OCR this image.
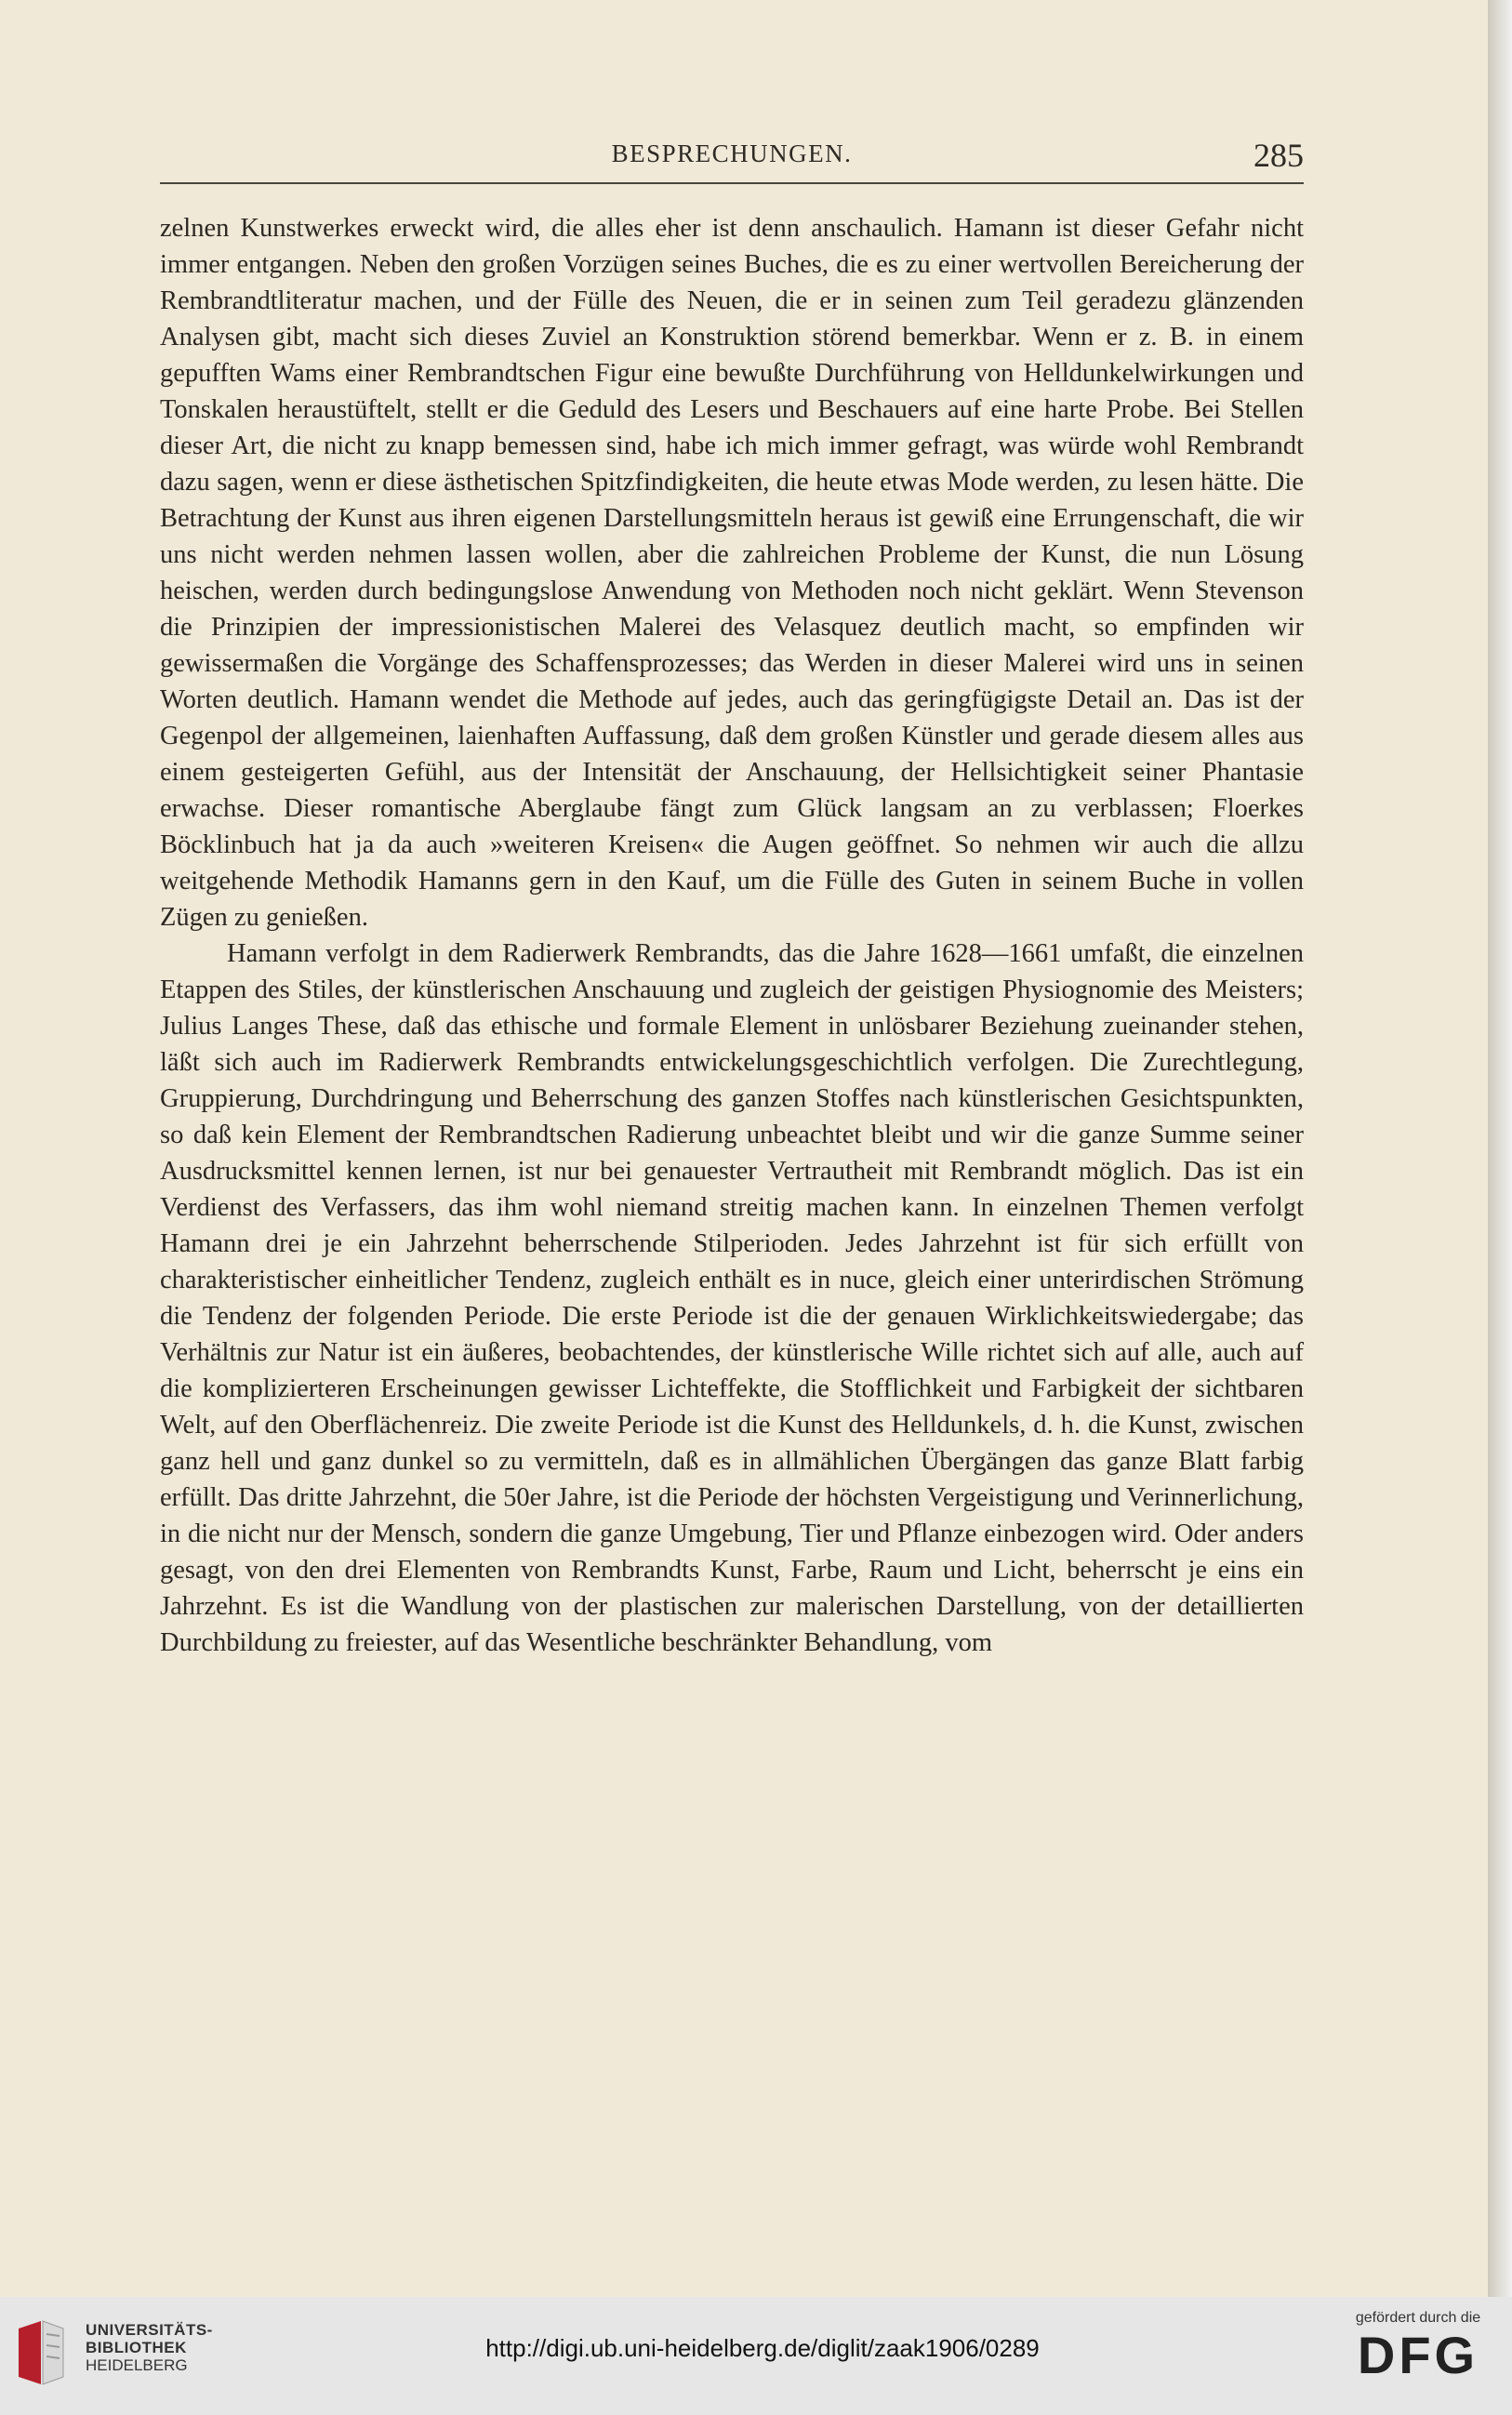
BESPRECHUNGEN.	285

zelnen Kunstwerkes erweckt wird, die alles eher ist denn anschaulich. Hamann ist dieser Gefahr nicht immer entgangen. Neben den großen Vorzügen seines Buches, die es zu einer wertvollen Bereicherung der Rembrandtliteratur machen, und der Fülle des Neuen, die er in seinen zum Teil geradezu glänzenden Analysen gibt, macht sich dieses Zuviel an Konstruktion störend bemerkbar. Wenn er z. B. in einem gepufften Wams einer Rembrandtschen Figur eine bewußte Durchführung von Helldunkelwirkungen und Tonskalen heraustüftelt, stellt er die Geduld des Lesers und Beschauers auf eine harte Probe. Bei Stellen dieser Art, die nicht zu knapp bemessen sind, habe ich mich immer gefragt, was würde wohl Rembrandt dazu sagen, wenn er diese ästhetischen Spitzfindigkeiten, die heute etwas Mode werden, zu lesen hätte. Die Betrachtung der Kunst aus ihren eigenen Darstellungsmitteln heraus ist gewiß eine Errungenschaft, die wir uns nicht werden nehmen lassen wollen, aber die zahlreichen Probleme der Kunst, die nun Lösung heischen, werden durch bedingungslose Anwendung von Methoden noch nicht geklärt. Wenn Stevenson die Prinzipien der impressionistischen Malerei des Velasquez deutlich macht, so empfinden wir gewissermaßen die Vorgänge des Schaffensprozesses; das Werden in dieser Malerei wird uns in seinen Worten deutlich. Hamann wendet die Methode auf jedes, auch das geringfügigste Detail an. Das ist der Gegenpol der allgemeinen, laienhaften Auffassung, daß dem großen Künstler und gerade diesem alles aus einem gesteigerten Gefühl, aus der Intensität der Anschauung, der Hellsichtigkeit seiner Phantasie erwachse. Dieser romantische Aberglaube fängt zum Glück langsam an zu verblassen; Floerkes Böcklinbuch hat ja da auch »weiteren Kreisen« die Augen geöffnet. So nehmen wir auch die allzu weitgehende Methodik Hamanns gern in den Kauf, um die Fülle des Guten in seinem Buche in vollen Zügen zu genießen.

Hamann verfolgt in dem Radierwerk Rembrandts, das die Jahre 1628—1661 umfaßt, die einzelnen Etappen des Stiles, der künstlerischen Anschauung und zugleich der geistigen Physiognomie des Meisters; Julius Langes These, daß das ethische und formale Element in unlösbarer Beziehung zueinander stehen, läßt sich auch im Radierwerk Rembrandts entwickelungsgeschichtlich verfolgen. Die Zurechtlegung, Gruppierung, Durchdringung und Beherrschung des ganzen Stoffes nach künstlerischen Gesichtspunkten, so daß kein Element der Rembrandtschen Radierung unbeachtet bleibt und wir die ganze Summe seiner Ausdrucksmittel kennen lernen, ist nur bei genauester Vertrautheit mit Rembrandt möglich. Das ist ein Verdienst des Verfassers, das ihm wohl niemand streitig machen kann. In einzelnen Themen verfolgt Hamann drei je ein Jahrzehnt beherrschende Stilperioden. Jedes Jahrzehnt ist für sich erfüllt von charakteristischer einheitlicher Tendenz, zugleich enthält es in nuce, gleich einer unterirdischen Strömung die Tendenz der folgenden Periode. Die erste Periode ist die der genauen Wirklichkeitswiedergabe; das Verhältnis zur Natur ist ein äußeres, beobachtendes, der künstlerische Wille richtet sich auf alle, auch auf die komplizierteren Erscheinungen gewisser Lichteffekte, die Stofflichkeit und Farbigkeit der sichtbaren Welt, auf den Oberflächenreiz. Die zweite Periode ist die Kunst des Helldunkels, d. h. die Kunst, zwischen ganz hell und ganz dunkel so zu vermitteln, daß es in allmählichen Übergängen das ganze Blatt farbig erfüllt. Das dritte Jahrzehnt, die 50er Jahre, ist die Periode der höchsten Vergeistigung und Verinnerlichung, in die nicht nur der Mensch, sondern die ganze Umgebung, Tier und Pflanze einbezogen wird. Oder anders gesagt, von den drei Elementen von Rembrandts Kunst, Farbe, Raum und Licht, beherrscht je eins ein Jahrzehnt. Es ist die Wandlung von der plastischen zur malerischen Darstellung, von der detaillierten Durchbildung zu freiester, auf das Wesentliche beschränkter Behandlung, vom

UNIVERSITÄTS-
BIBLIOTHEK
HEIDELBERG
http://digi.ub.uni-heidelberg.de/diglit/zaak1906/0289
gefördert durch die
DFG
